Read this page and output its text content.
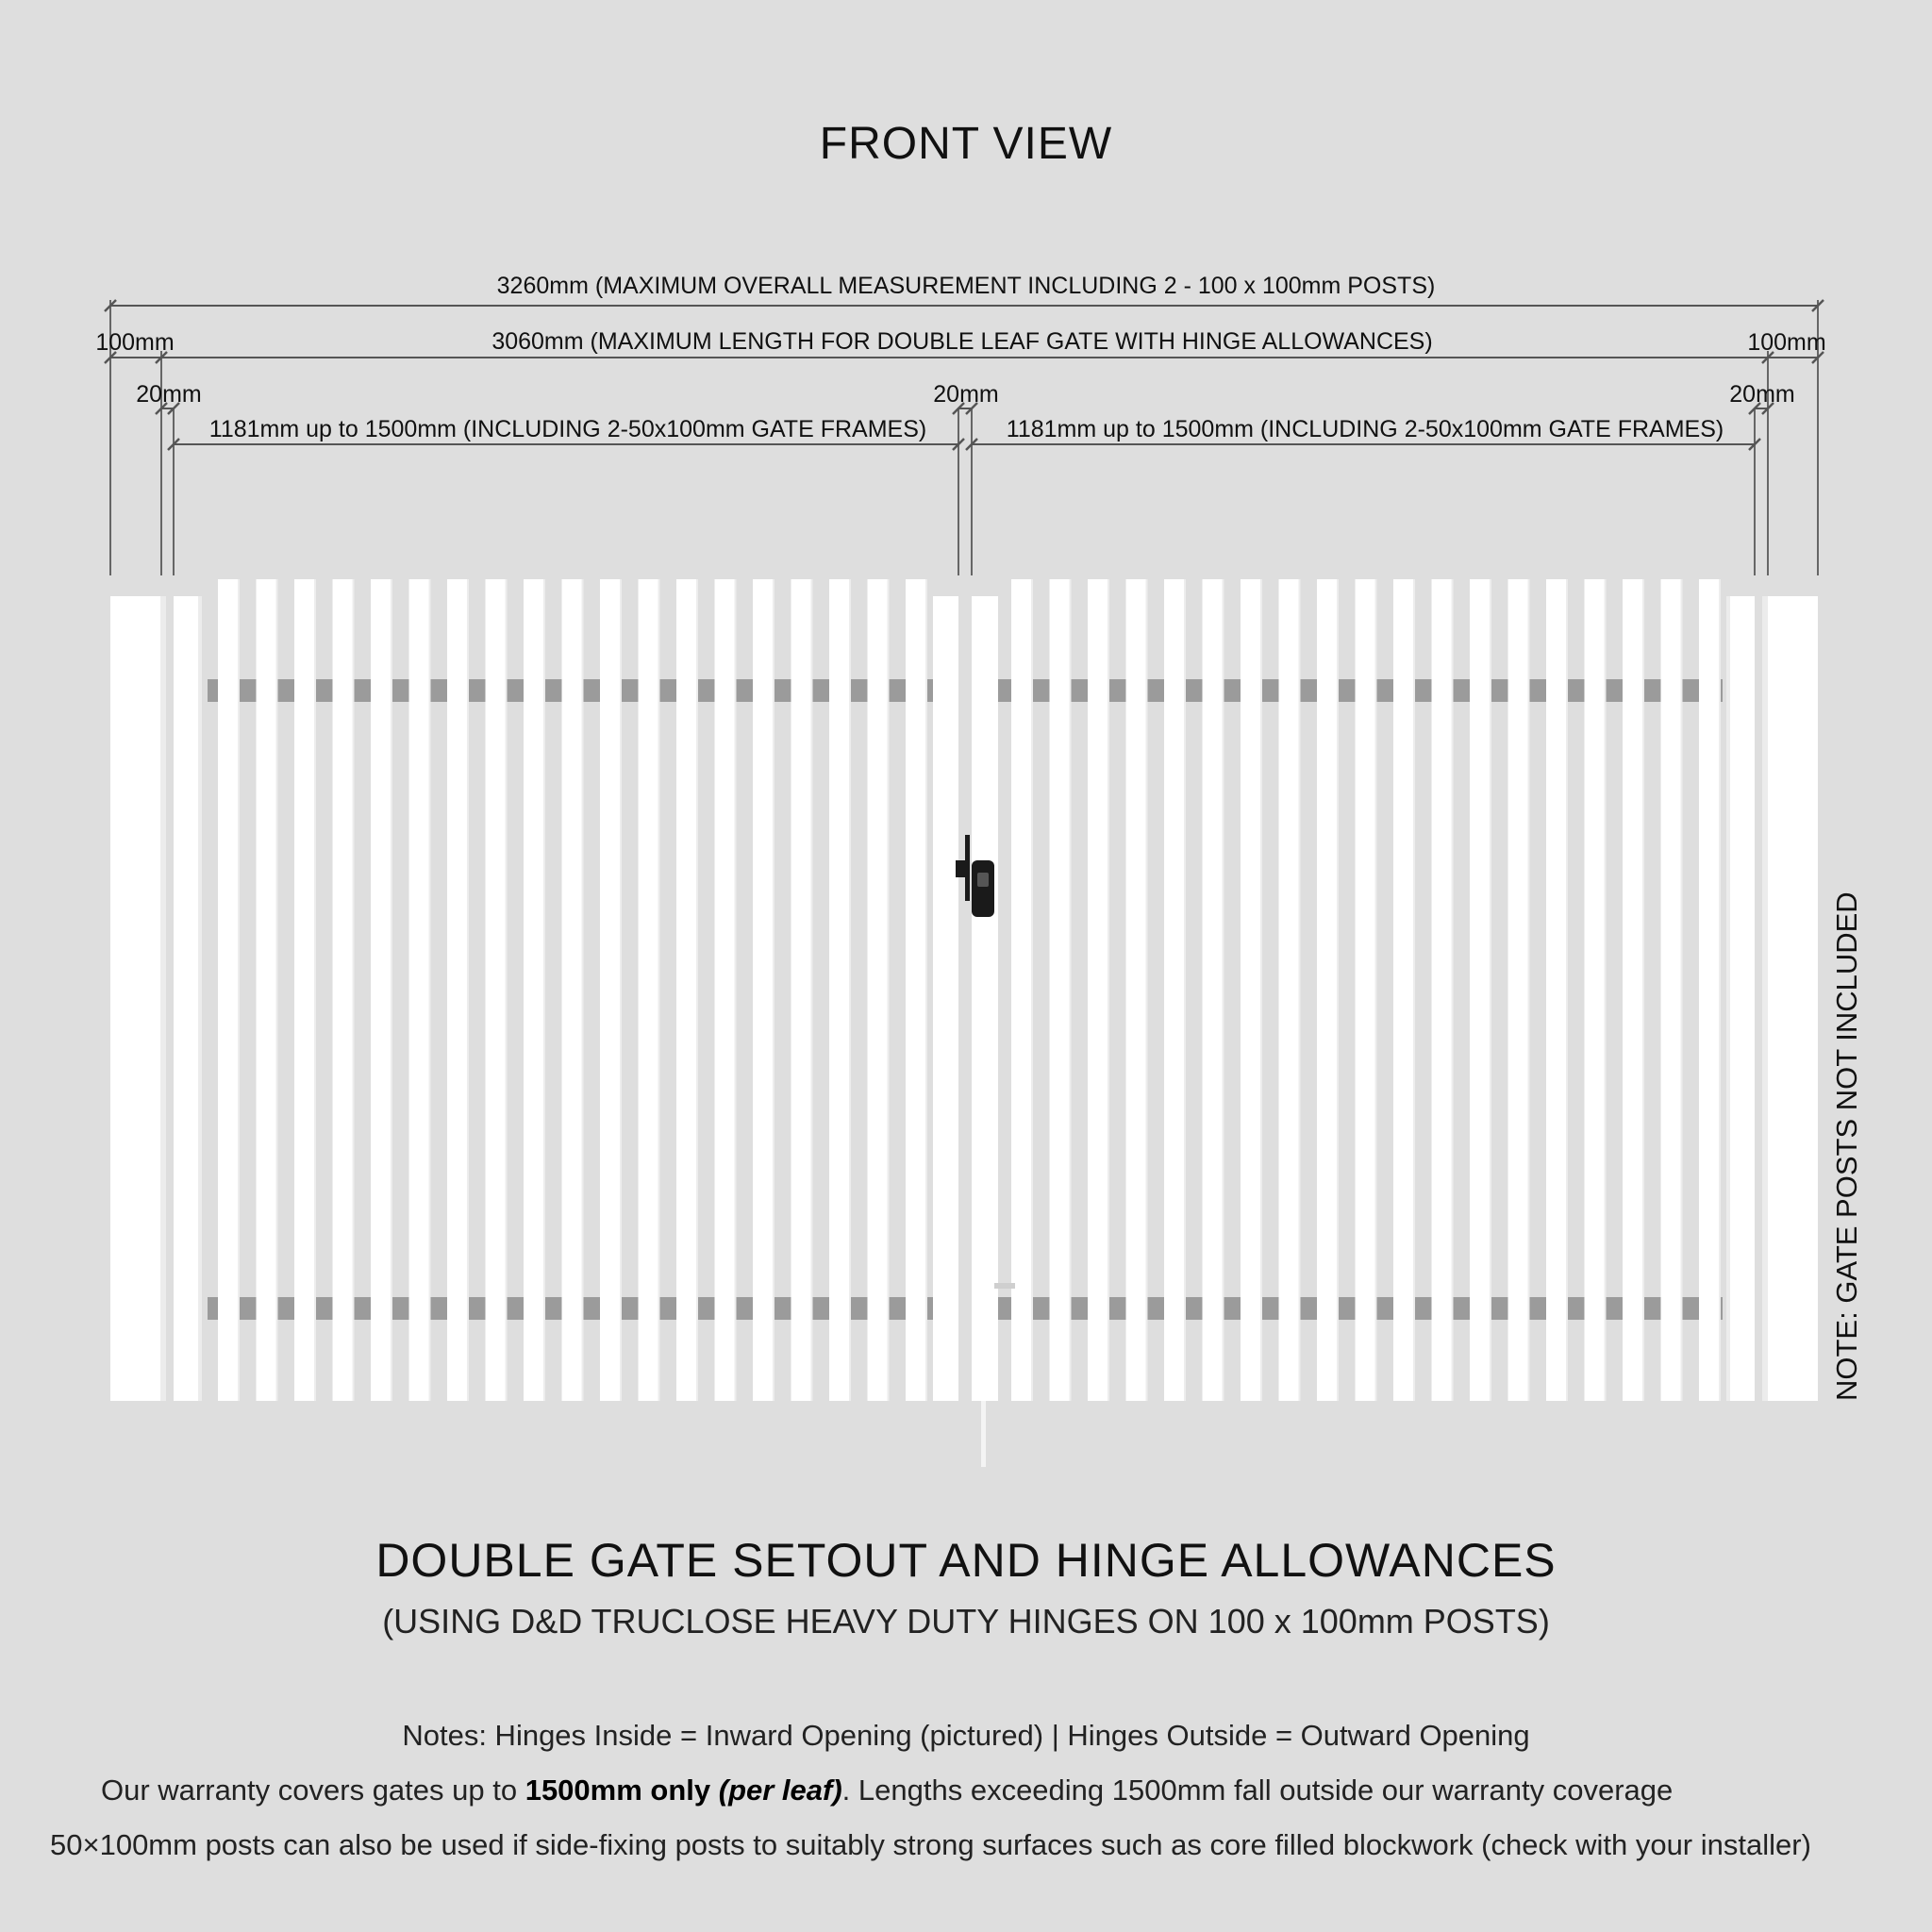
FRONT VIEW
3260mm (MAXIMUM OVERALL MEASUREMENT INCLUDING 2 - 100 x 100mm POSTS)
3060mm (MAXIMUM LENGTH FOR DOUBLE LEAF GATE WITH HINGE ALLOWANCES)
100mm	100mm
20mm	20mm	20mm
1181mm up to 1500mm (INCLUDING 2-50x100mm GATE FRAMES)	1181mm up to 1500mm (INCLUDING 2-50x100mm GATE FRAMES)
NOTE: GATE POSTS NOT INCLUDED
DOUBLE GATE SETOUT AND HINGE ALLOWANCES
(USING D&D TRUCLOSE HEAVY DUTY HINGES ON 100 x 100mm POSTS)
Notes: Hinges Inside = Inward Opening (pictured) | Hinges Outside = Outward Opening
Our warranty covers gates up to 1500mm only (per leaf). Lengths exceeding 1500mm fall outside our warranty coverage
50×100mm posts can also be used if side-fixing posts to suitably strong surfaces such as core filled blockwork (check with your installer)
